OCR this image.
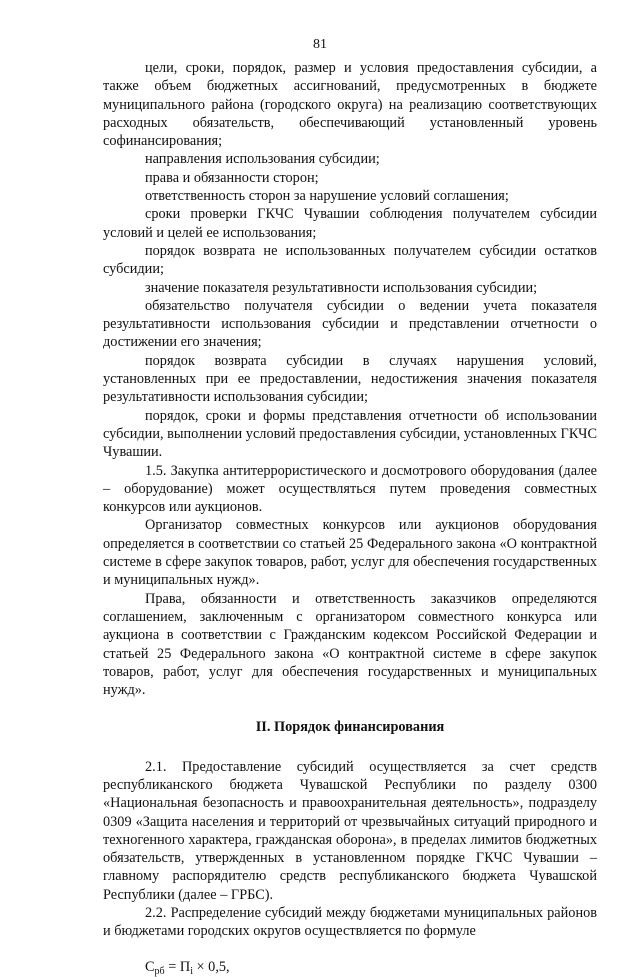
81

цели, сроки, порядок, размер и условия предоставления субсидии, а также объем бюджетных ассигнований, предусмотренных в бюджете муниципального района (городского округа) на реализацию соответствующих расходных обязательств, обеспечивающий установленный уровень софинансирования;

направления использования субсидии;

права и обязанности сторон;

ответственность сторон за нарушение условий соглашения;

сроки проверки ГКЧС Чувашии соблюдения получателем субсидии условий и целей ее использования;

порядок возврата не использованных получателем субсидии остатков субсидии;

значение показателя результативности использования субсидии;

обязательство получателя субсидии о ведении учета показателя результативности использования субсидии и представлении отчетности о достижении его значения;

порядок возврата субсидии в случаях нарушения условий, установленных при ее предоставлении, недостижения значения показателя результативности использования субсидии;

порядок, сроки и формы представления отчетности об использовании субсидии, выполнении условий предоставления субсидии, установленных ГКЧС Чувашии.

1.5. Закупка антитеррористического и досмотрового оборудования (далее – оборудование) может осуществляться путем проведения совместных конкурсов или аукционов.

Организатор совместных конкурсов или аукционов оборудования определяется в соответствии со статьей 25 Федерального закона «О контрактной системе в сфере закупок товаров, работ, услуг для обеспечения государственных и муниципальных нужд».

Права, обязанности и ответственность заказчиков определяются соглашением, заключенным с организатором совместного конкурса или аукциона в соответствии с Гражданским кодексом Российской Федерации и статьей 25 Федерального закона «О контрактной системе в сфере закупок товаров, работ, услуг для обеспечения государственных и муниципальных нужд».

II. Порядок финансирования

2.1. Предоставление субсидий осуществляется за счет средств республиканского бюджета Чувашской Республики по разделу 0300 «Национальная безопасность и правоохранительная деятельность», подразделу 0309 «Защита населения и территорий от чрезвычайных ситуаций природного и техногенного характера, гражданская оборона», в пределах лимитов бюджетных обязательств, утвержденных в установленном порядке ГКЧС Чувашии – главному распорядителю средств республиканского бюджета Чувашской Республики (далее – ГРБС).

2.2. Распределение субсидий между бюджетами муниципальных районов и бюджетами городских округов осуществляется по формуле

$С_{рб} = П_i \times 0,5$,
